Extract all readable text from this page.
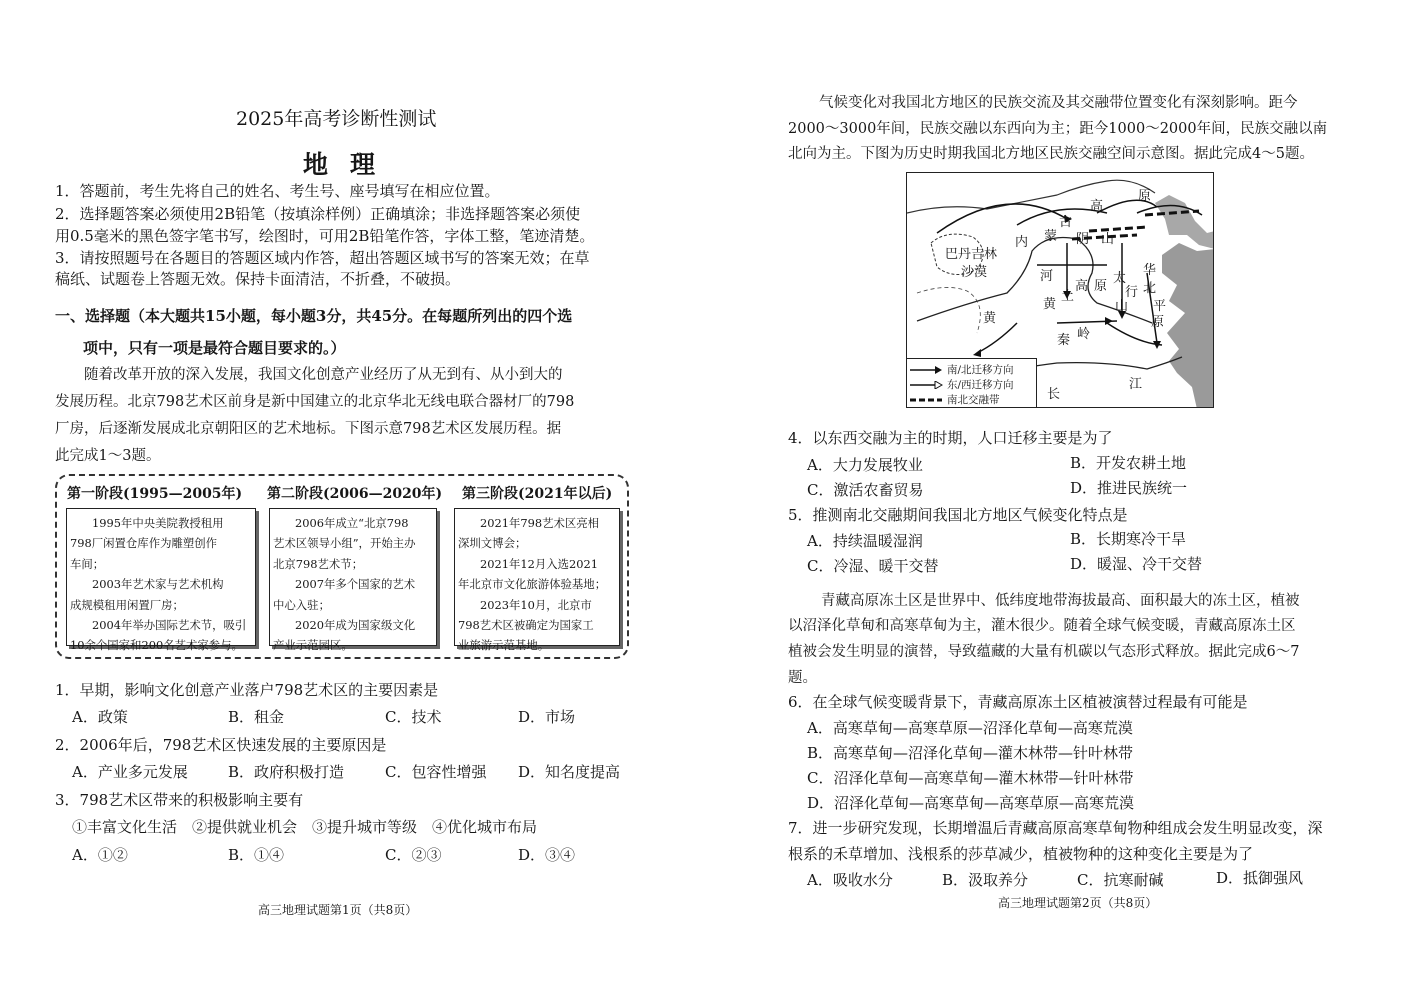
2025年高考诊断性测试
地理
1．答题前，考生先将自己的姓名、考生号、座号填写在相应位置。
2．选择题答案必须使用2B铅笔（按填涂样例）正确填涂；非选择题答案必须使
用0.5毫米的黑色签字笔书写，绘图时，可用2B铅笔作答，字体工整，笔迹清楚。
3．请按照题号在各题目的答题区域内作答，超出答题区域书写的答案无效；在草
稿纸、试题卷上答题无效。保持卡面清洁，不折叠，不破损。
一、选择题（本大题共15小题，每小题3分，共45分。在每题所列出的四个选
项中，只有一项是最符合题目要求的。）
随着改革开放的深入发展，我国文化创意产业经历了从无到有、从小到大的
发展历程。北京798艺术区前身是新中国建立的北京华北无线电联合器材厂的798
厂房，后逐渐发展成北京朝阳区的艺术地标。下图示意798艺术区发展历程。据
此完成1～3题。
第一阶段(1995—2005年) 第二阶段(2006—2020年) 第三阶段(2021年以后)
1995年中央美院教授租用
798厂闲置仓库作为雕塑创作
车间；
2003年艺术家与艺术机构
成规模租用闲置厂房；
2004年举办国际艺术节，吸引
10余个国家和200名艺术家参与。
2006年成立“北京798
艺术区领导小组”，开始主办
北京798艺术节；
2007年多个国家的艺术
中心入驻；
2020年成为国家级文化
产业示范园区。
2021年798艺术区亮相
深圳文博会；
2021年12月入选2021
年北京市文化旅游体验基地；
2023年10月，北京市
798艺术区被确定为国家工
业旅游示范基地。
1．早期，影响文化创意产业落户798艺术区的主要因素是
A．政策	B．租金	C．技术	D．市场
2．2006年后，798艺术区快速发展的主要原因是
A．产业多元发展	B．政府积极打造	C．包容性增强 D．知名度提高
3．798艺术区带来的积极影响主要有
①丰富文化生活　②提供就业机会　③提升城市等级　④优化城市布局
A．①②	B．①④	C．②③	D．③④
高三地理试题第1页（共8页）
气候变化对我国北方地区的民族交流及其交融带位置变化有深刻影响。距今
2000～3000年间，民族交融以东西向为主；距今1000～2000年间，民族交融以南
北向为主。下图为历史时期我国北方地区民族交融空间示意图。据此完成4～5题。
原
高
古
内 蒙 阴 山
巴丹吉林
沙漠	河	太
行
山
华
北
平
原
黄
土
高 原
黄
秦 岭
长
江
南/北迁移方向
东/西迁移方向
南北交融带
4．以东西交融为主的时期，人口迁移主要是为了
A．大力发展牧业	B．开发农耕土地
C．激活农畜贸易	D．推进民族统一
5．推测南北交融期间我国北方地区气候变化特点是
A．持续温暖湿润	B．长期寒冷干旱
C．冷湿、暖干交替	D．暖湿、冷干交替
青藏高原冻土区是世界中、低纬度地带海拔最高、面积最大的冻土区，植被
以沼泽化草甸和高寒草甸为主，灌木很少。随着全球气候变暖，青藏高原冻土区
植被会发生明显的演替，导致蕴藏的大量有机碳以气态形式释放。据此完成6～7
题。
6．在全球气候变暖背景下，青藏高原冻土区植被演替过程最有可能是
A．高寒草甸—高寒草原—沼泽化草甸—高寒荒漠
B．高寒草甸—沼泽化草甸—灌木林带—针叶林带
C．沼泽化草甸—高寒草甸—灌木林带—针叶林带
D．沼泽化草甸—高寒草甸—高寒草原—高寒荒漠
7．进一步研究发现，长期增温后青藏高原高寒草甸物种组成会发生明显改变，深
根系的禾草增加、浅根系的莎草减少，植被物种的这种变化主要是为了
A．吸收水分	B．汲取养分	C．抗寒耐碱	D．抵御强风
高三地理试题第2页（共8页）
